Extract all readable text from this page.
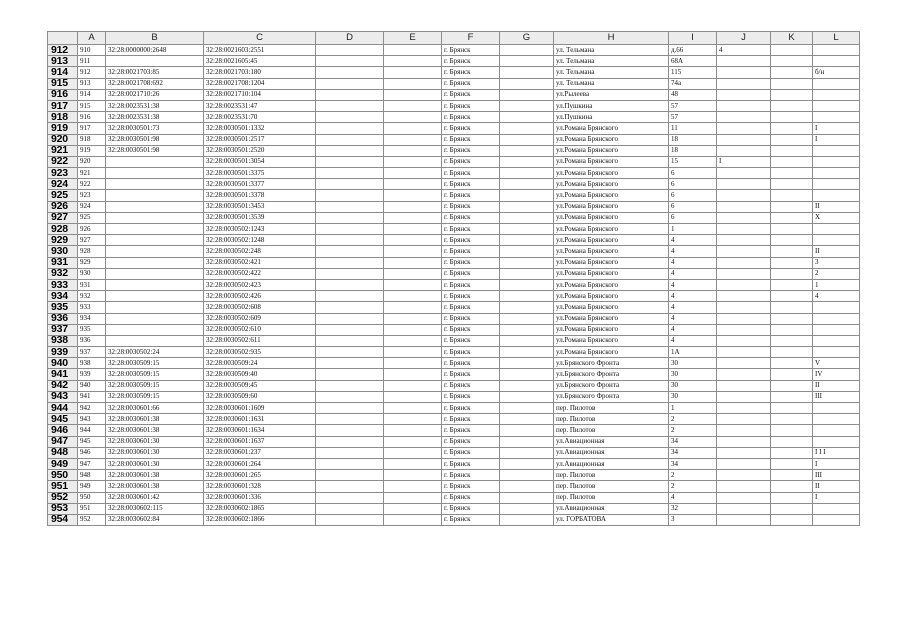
	A	B	C	D	E	F	G	H	I	J	K	L
912	910	32:28:0000000:2648	32:28:0021603:2551			г. Брянск		ул. Тельмана	д.66	4		
913	911		32:28:0021605:45			г. Брянск		ул. Тельмана	68А			
914	912	32:28:0021703:85	32:28:0021703:180			г. Брянск		ул. Тельмана	115			б/н
915	913	32:28:0021708:692	32:28:0021708:1204			г. Брянск		ул. Тельмана	74а			
916	914	32:28:0021710:26	32:28:0021710:104			г. Брянск		ул.Рылеева	48			
917	915	32:28:0023531:38	32:28:0023531:47			г. Брянск		ул.Пушкина	57			
918	916	32:28:0023531:38	32:28:0023531:70			г. Брянск		ул.Пушкина	57			
919	917	32:28:0030501:73	32:28:0030501:1332			г. Брянск		ул.Романа Брянского	11			I
920	918	32:28:0030501:98	32:28:0030501:2517			г. Брянск		ул.Романа Брянского	18			I
921	919	32:28:0030501:98	32:28:0030501:2520			г. Брянск		ул.Романа Брянского	18			
922	920		32:28:0030501:3054			г. Брянск		ул.Романа Брянского	15	I		
923	921		32:28:0030501:3375			г. Брянск		ул.Романа Брянского	6			
924	922		32:28:0030501:3377			г. Брянск		ул.Романа Брянского	6			
925	923		32:28:0030501:3378			г. Брянск		ул.Романа Брянского	6			
926	924		32:28:0030501:3453			г. Брянск		ул.Романа Брянского	6			II
927	925		32:28:0030501:3539			г. Брянск		ул.Романа Брянского	6			X
928	926		32:28:0030502:1243			г. Брянск		ул.Романа Брянского	1			
929	927		32:28:0030502:1248			г. Брянск		ул.Романа Брянского	4			
930	928		32:28:0030502:248			г. Брянск		ул.Романа Брянского	4			II
931	929		32:28:0030502:421			г. Брянск		ул.Романа Брянского	4			3
932	930		32:28:0030502:422			г. Брянск		ул.Романа Брянского	4			2
933	931		32:28:0030502:423			г. Брянск		ул.Романа Брянского	4			1
934	932		32:28:0030502:426			г. Брянск		ул.Романа Брянского	4			4
935	933		32:28:0030502:608			г. Брянск		ул.Романа Брянского	4			
936	934		32:28:0030502:609			г. Брянск		ул.Романа Брянского	4			
937	935		32:28:0030502:610			г. Брянск		ул.Романа Брянского	4			
938	936		32:28:0030502:611			г. Брянск		ул.Романа Брянского	4			
939	937	32:28:0030502:24	32:28:0030502:935			г. Брянск		ул.Романа Брянского	1А			
940	938	32:28:0030509:15	32:28:0030509:24			г. Брянск		ул.Брянского Фронта	30			V
941	939	32:28:0030509:15	32:28:0030509:40			г. Брянск		ул.Брянского Фронта	30			IV
942	940	32:28:0030509:15	32:28:0030509:45			г. Брянск		ул.Брянского Фронта	30			II
943	941	32:28:0030509:15	32:28:0030509:60			г. Брянск		ул.Брянского Фронта	30			III
944	942	32:28:0030601:66	32:28:0030601:1609			г. Брянск		пер. Пилотов	1			
945	943	32:28:0030601:38	32:28:0030601:1631			г. Брянск		пер. Пилотов	2			
946	944	32:28:0030601:38	32:28:0030601:1634			г. Брянск		пер. Пилотов	2			
947	945	32:28:0030601:30	32:28:0030601:1637			г. Брянск		ул.Авиационная	34			
948	946	32:28:0030601:30	32:28:0030601:237			г. Брянск		ул.Авиационная	34			I I I
949	947	32:28:0030601:30	32:28:0030601:264			г. Брянск		ул.Авиационная	34			I
950	948	32:28:0030601:38	32:28:0030601:265			г. Брянск		пер. Пилотов	2			III
951	949	32:28:0030601:38	32:28:0030601:328			г. Брянск		пер. Пилотов	2			II
952	950	32:28:0030601:42	32:28:0030601:336			г. Брянск		пер. Пилотов	4			I
953	951	32:28:0030602:115	32:28:0030602:1865			г. Брянск		ул.Авиационная	32			
954	952	32:28:0030602:84	32:28:0030602:1866			г. Брянск		ул. ГОРБАТОВА	3			
